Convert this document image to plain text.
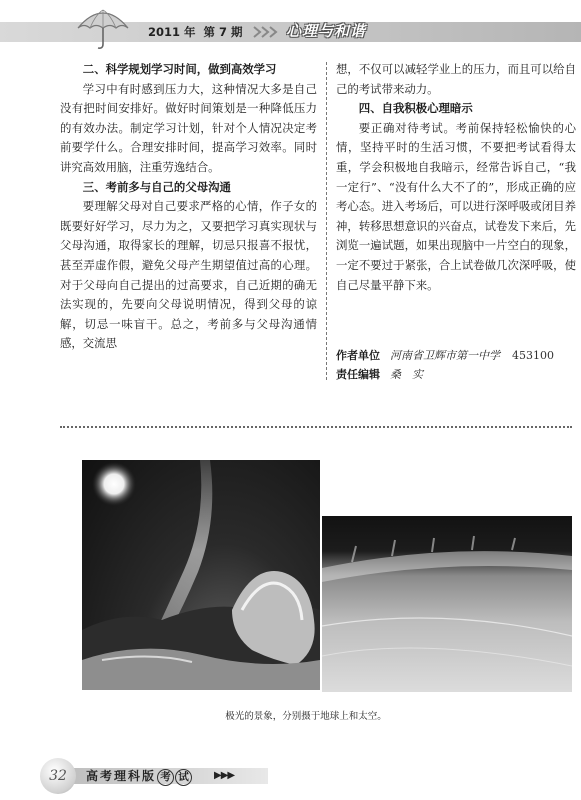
2011 年 第 7 期	心理与和谐
二、科学规划学习时间，做到高效学习

学习中有时感到压力大，这种情况大多是自己没有把时间安排好。做好时间策划是一种降低压力的有效办法。制定学习计划，针对个人情况决定考前要学什么。合理安排时间，提高学习效率。同时讲究高效用脑，注重劳逸结合。

三、考前多与自己的父母沟通

要理解父母对自己要求严格的心情，作子女的既要好好学习，尽力为之，又要把学习真实现状与父母沟通，取得家长的理解，切忌只报喜不报忧，甚至弄虚作假，避免父母产生期望值过高的心理。对于父母向自己提出的过高要求，自己近期的确无法实现的，先要向父母说明情况，得到父母的谅解，切忌一味盲干。总之，考前多与父母沟通情感，交流思

想，不仅可以减轻学业上的压力，而且可以给自己的考试带来动力。

四、自我积极心理暗示

要正确对待考试。考前保持轻松愉快的心情，坚持平时的生活习惯，不要把考试看得太重，学会积极地自我暗示，经常告诉自己，“我一定行”、“没有什么大不了的”，形成正确的应考心态。进入考场后，可以进行深呼吸或闭目养神，转移思想意识的兴奋点，试卷发下来后，先浏览一遍试题，如果出现脑中一片空白的现象，一定不要过于紧张，合上试卷做几次深呼吸，使自己尽量平静下来。

作者单位 河南省卫辉市第一中学 453100
责任编辑 桑　实
极光的景象，分别摄于地球上和太空。
32	高考理科版 考 试	▶▶▶
